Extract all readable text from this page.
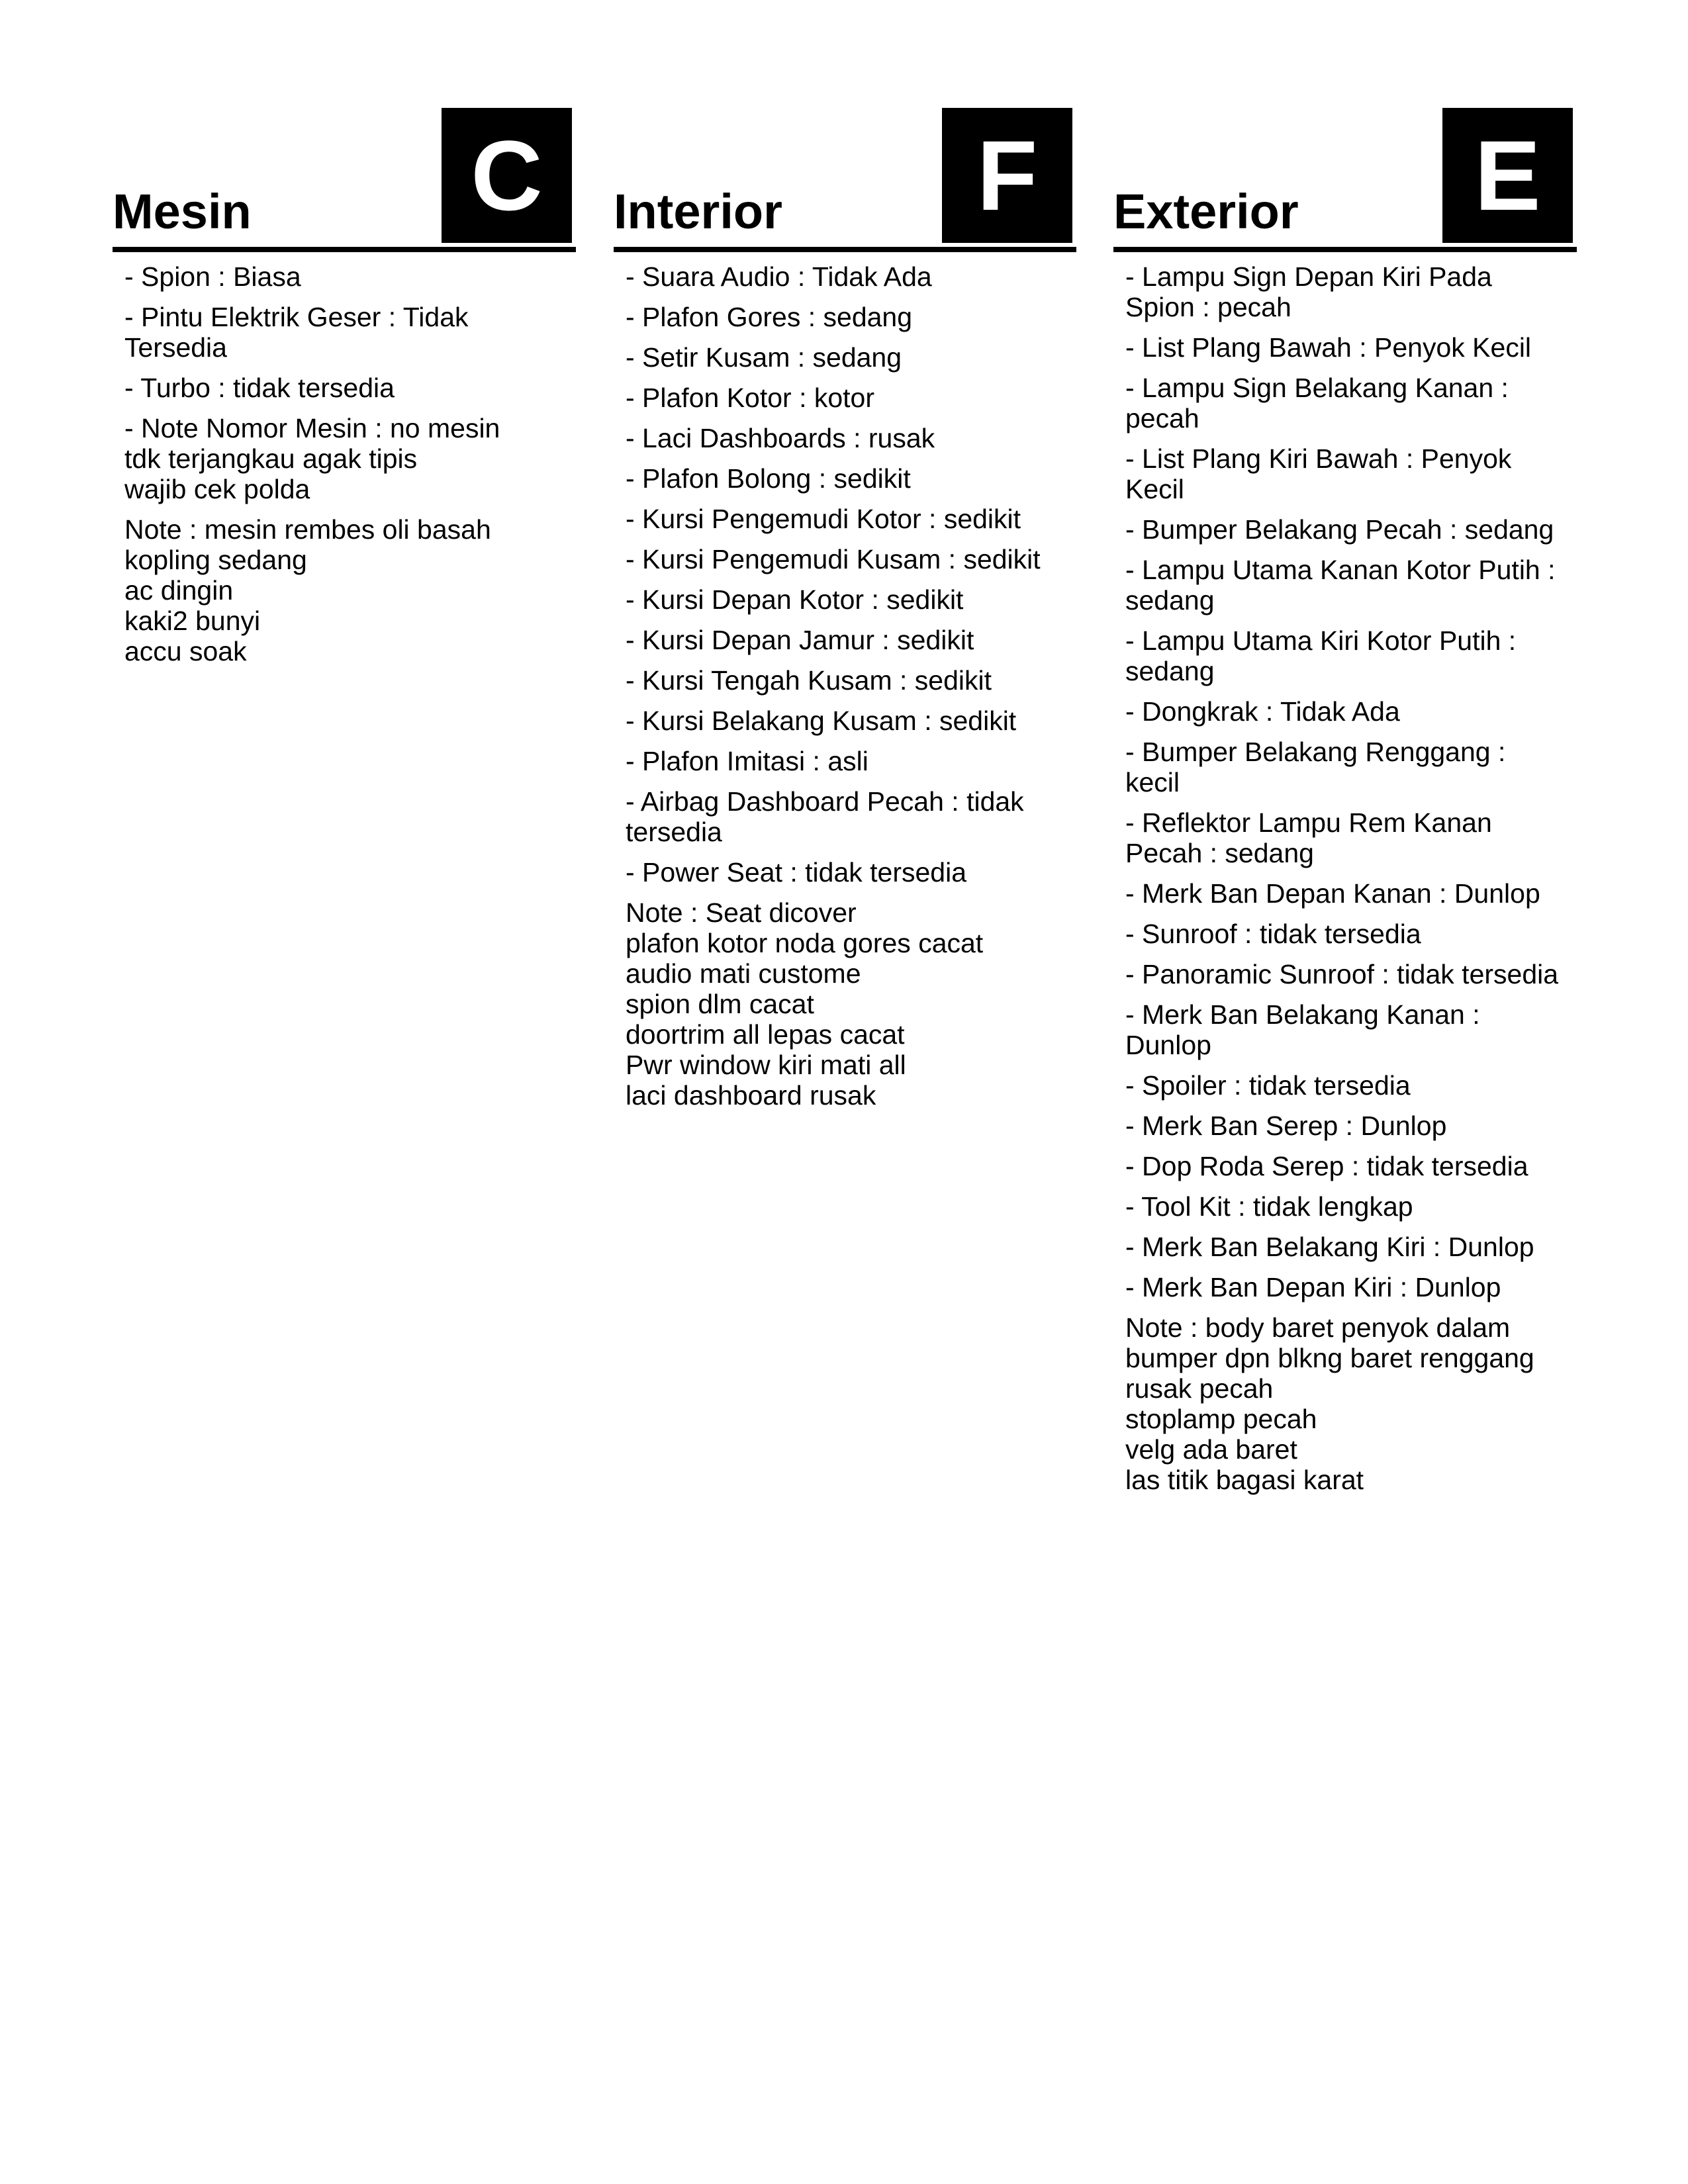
Mesin C
- Spion : Biasa
- Pintu Elektrik Geser : Tidak Tersedia
- Turbo : tidak tersedia
- Note Nomor Mesin : no mesin
tdk terjangkau agak tipis
wajib cek polda
Note : mesin rembes oli basah
kopling sedang
ac dingin
kaki2 bunyi
accu soak
Interior	F
- Suara Audio : Tidak Ada
- Plafon Gores : sedang
- Setir Kusam : sedang
- Plafon Kotor : kotor
- Laci Dashboards : rusak
- Plafon Bolong : sedikit
- Kursi Pengemudi Kotor : sedikit
- Kursi Pengemudi Kusam : sedikit
- Kursi Depan Kotor : sedikit
- Kursi Depan Jamur : sedikit
- Kursi Tengah Kusam : sedikit
- Kursi Belakang Kusam : sedikit
- Plafon Imitasi : asli
- Airbag Dashboard Pecah : tidak tersedia
- Power Seat : tidak tersedia
Note : Seat dicover
plafon kotor noda gores cacat
audio mati custome
spion dlm cacat
doortrim all lepas cacat
Pwr window kiri mati all
laci dashboard rusak
Exterior	E
- Lampu Sign Depan Kiri Pada Spion : pecah
- List Plang Bawah : Penyok Kecil
- Lampu Sign Belakang Kanan : pecah
- List Plang Kiri Bawah : Penyok Kecil
- Bumper Belakang Pecah : sedang
- Lampu Utama Kanan Kotor Putih : sedang
- Lampu Utama Kiri Kotor Putih : sedang
- Dongkrak : Tidak Ada
- Bumper Belakang Renggang : kecil
- Reflektor Lampu Rem Kanan Pecah : sedang
- Merk Ban Depan Kanan : Dunlop
- Sunroof : tidak tersedia
- Panoramic Sunroof : tidak tersedia
- Merk Ban Belakang Kanan : Dunlop
- Spoiler : tidak tersedia
- Merk Ban Serep : Dunlop
- Dop Roda Serep : tidak tersedia
- Tool Kit : tidak lengkap
- Merk Ban Belakang Kiri : Dunlop
- Merk Ban Depan Kiri : Dunlop
Note : body baret penyok dalam
bumper dpn blkng baret renggang
rusak pecah
stoplamp pecah
velg ada baret
las titik bagasi karat
